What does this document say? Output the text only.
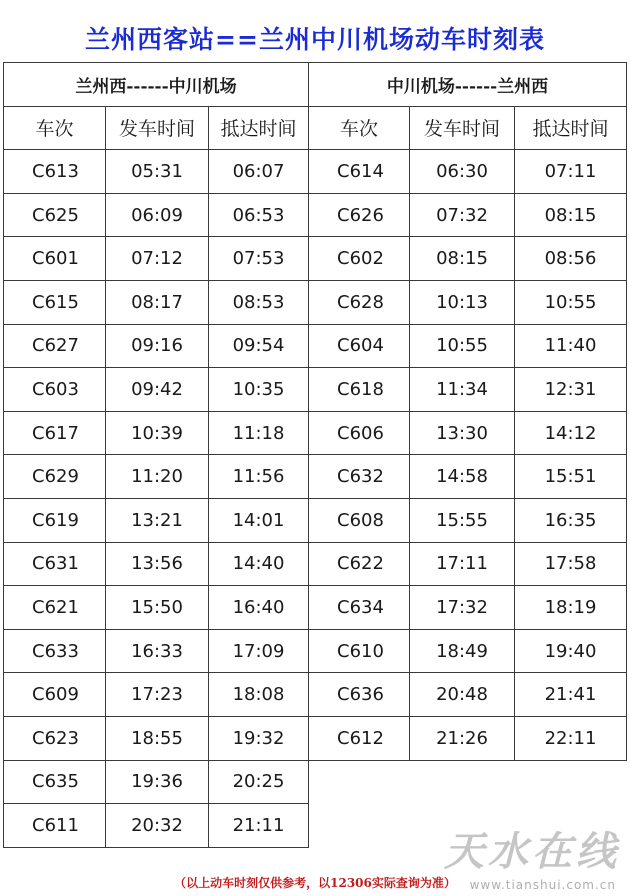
兰州西客站==兰州中川机场动车时刻表
兰州西------中川机场			中川机场------兰州西		
车次	发车时间	抵达时间	车次	发车时间	抵达时间
C613	05:31	06:07	C614	06:30	07:11
C625	06:09	06:53	C626	07:32	08:15
C601	07:12	07:53	C602	08:15	08:56
C615	08:17	08:53	C628	10:13	10:55
C627	09:16	09:54	C604	10:55	11:40
C603	09:42	10:35	C618	11:34	12:31
C617	10:39	11:18	C606	13:30	14:12
C629	11:20	11:56	C632	14:58	15:51
C619	13:21	14:01	C608	15:55	16:35
C631	13:56	14:40	C622	17:11	17:58
C621	15:50	16:40	C634	17:32	18:19
C633	16:33	17:09	C610	18:49	19:40
C609	17:23	18:08	C636	20:48	21:41
C623	18:55	19:32	C612	21:26	22:11
C635	19:36	20:25			
C611	20:32	21:11			
天水在线
www.tianshui.com.cn
（以上动车时刻仅供参考，以12306实际查询为准）
